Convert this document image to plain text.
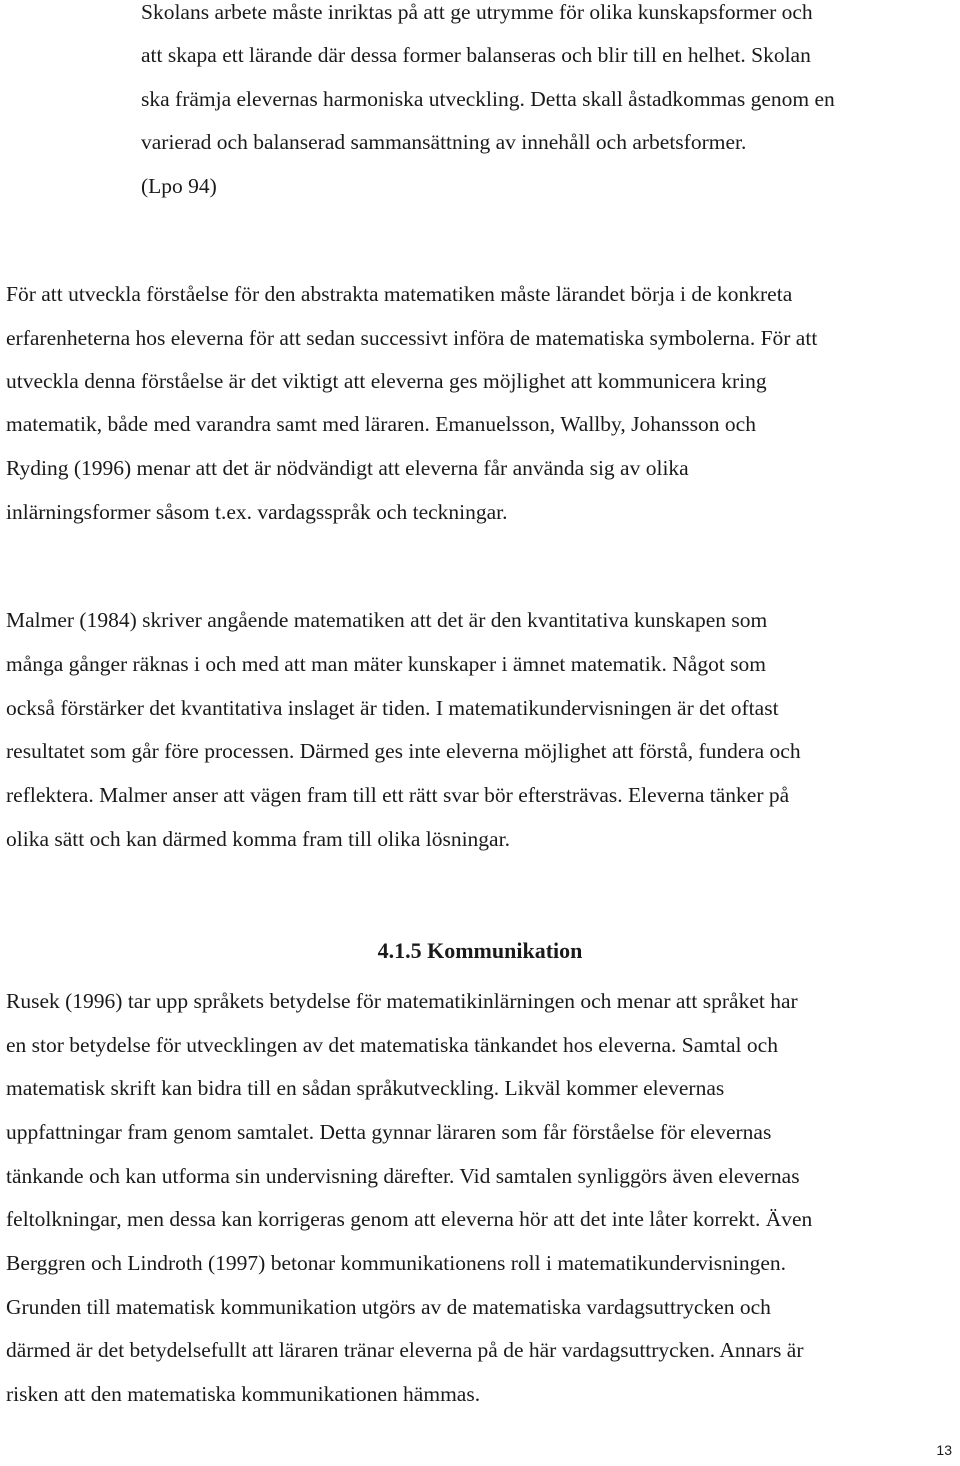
Skolans arbete måste inriktas på att ge utrymme för olika kunskapsformer och
att skapa ett lärande där dessa former balanseras och blir till en helhet. Skolan
ska främja elevernas harmoniska utveckling. Detta skall åstadkommas genom en
varierad och balanserad sammansättning av innehåll och arbetsformer.
(Lpo 94)
För att utveckla förståelse för den abstrakta matematiken måste lärandet börja i de konkreta
erfarenheterna hos eleverna för att sedan successivt införa de matematiska symbolerna. För att
utveckla denna förståelse är det viktigt att eleverna ges möjlighet att kommunicera kring
matematik, både med varandra samt med läraren. Emanuelsson, Wallby, Johansson och
Ryding (1996) menar att det är nödvändigt att eleverna får använda sig av olika
inlärningsformer såsom t.ex. vardagsspråk och teckningar.
Malmer (1984) skriver angående matematiken att det är den kvantitativa kunskapen som
många gånger räknas i och med att man mäter kunskaper i ämnet matematik. Något som
också förstärker det kvantitativa inslaget är tiden. I matematikundervisningen är det oftast
resultatet som går före processen. Därmed ges inte eleverna möjlighet att förstå, fundera och
reflektera. Malmer anser att vägen fram till ett rätt svar bör eftersträvas. Eleverna tänker på
olika sätt och kan därmed komma fram till olika lösningar.
4.1.5 Kommunikation
Rusek (1996) tar upp språkets betydelse för matematikinlärningen och menar att språket har
en stor betydelse för utvecklingen av det matematiska tänkandet hos eleverna. Samtal och
matematisk skrift kan bidra till en sådan språkutveckling. Likväl kommer elevernas
uppfattningar fram genom samtalet. Detta gynnar läraren som får förståelse för elevernas
tänkande och kan utforma sin undervisning därefter. Vid samtalen synliggörs även elevernas
feltolkningar, men dessa kan korrigeras genom att eleverna hör att det inte låter korrekt. Även
Berggren och Lindroth (1997) betonar kommunikationens roll i matematikundervisningen.
Grunden till matematisk kommunikation utgörs av de matematiska vardagsuttrycken och
därmed är det betydelsefullt att läraren tränar eleverna på de här vardagsuttrycken. Annars är
risken att den matematiska kommunikationen hämmas.
13
